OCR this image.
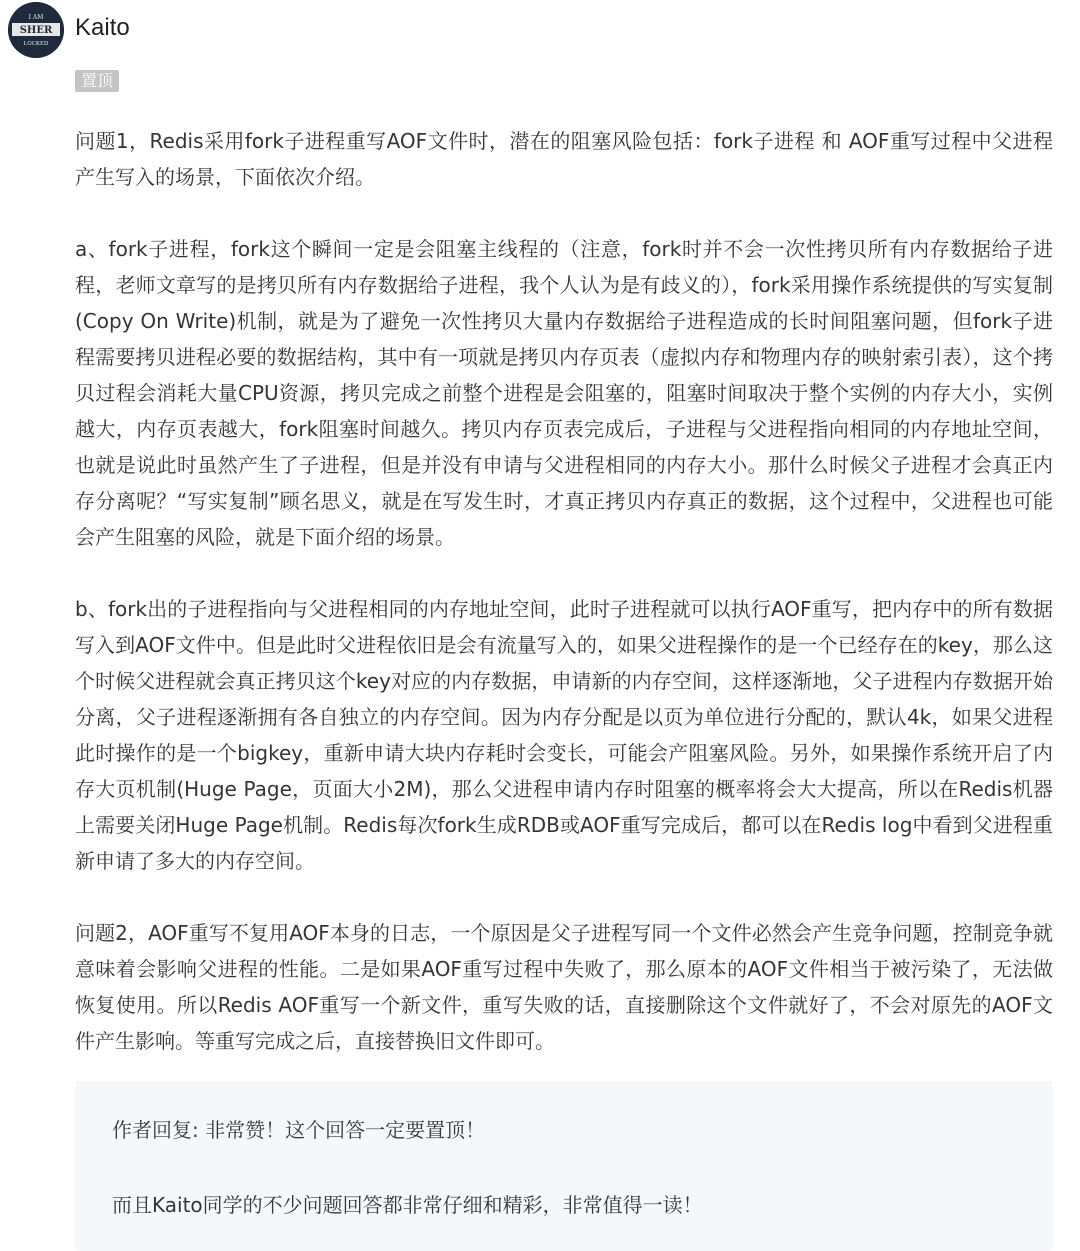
I AM
SHER
LOCKED
Kaito
置顶

问题1，Redis采用fork子进程重写AOF文件时，潜在的阻塞风险包括：fork子进程 和 AOF重写过程中父进程产生写入的场景，下面依次介绍。

a、fork子进程，fork这个瞬间一定是会阻塞主线程的（注意，fork时并不会一次性拷贝所有内存数据给子进程，老师文章写的是拷贝所有内存数据给子进程，我个人认为是有歧义的），fork采用操作系统提供的写实复制(Copy On Write)机制，就是为了避免一次性拷贝大量内存数据给子进程造成的长时间阻塞问题，但fork子进程需要拷贝进程必要的数据结构，其中有一项就是拷贝内存页表（虚拟内存和物理内存的映射索引表），这个拷贝过程会消耗大量CPU资源，拷贝完成之前整个进程是会阻塞的，阻塞时间取决于整个实例的内存大小，实例越大，内存页表越大，fork阻塞时间越久。拷贝内存页表完成后，子进程与父进程指向相同的内存地址空间，也就是说此时虽然产生了子进程，但是并没有申请与父进程相同的内存大小。那什么时候父子进程才会真正内存分离呢？“写实复制”顾名思义，就是在写发生时，才真正拷贝内存真正的数据，这个过程中，父进程也可能会产生阻塞的风险，就是下面介绍的场景。

b、fork出的子进程指向与父进程相同的内存地址空间，此时子进程就可以执行AOF重写，把内存中的所有数据写入到AOF文件中。但是此时父进程依旧是会有流量写入的，如果父进程操作的是一个已经存在的key，那么这个时候父进程就会真正拷贝这个key对应的内存数据，申请新的内存空间，这样逐渐地，父子进程内存数据开始分离，父子进程逐渐拥有各自独立的内存空间。因为内存分配是以页为单位进行分配的，默认4k，如果父进程此时操作的是一个bigkey，重新申请大块内存耗时会变长，可能会产阻塞风险。另外，如果操作系统开启了内存大页机制(Huge Page，页面大小2M)，那么父进程申请内存时阻塞的概率将会大大提高，所以在Redis机器上需要关闭Huge Page机制。Redis每次fork生成RDB或AOF重写完成后，都可以在Redis log中看到父进程重新申请了多大的内存空间。

问题2，AOF重写不复用AOF本身的日志，一个原因是父子进程写同一个文件必然会产生竞争问题，控制竞争就意味着会影响父进程的性能。二是如果AOF重写过程中失败了，那么原本的AOF文件相当于被污染了，无法做恢复使用。所以Redis AOF重写一个新文件，重写失败的话，直接删除这个文件就好了，不会对原先的AOF文件产生影响。等重写完成之后，直接替换旧文件即可。

作者回复: 非常赞！这个回答一定要置顶！

而且Kaito同学的不少问题回答都非常仔细和精彩，非常值得一读！
